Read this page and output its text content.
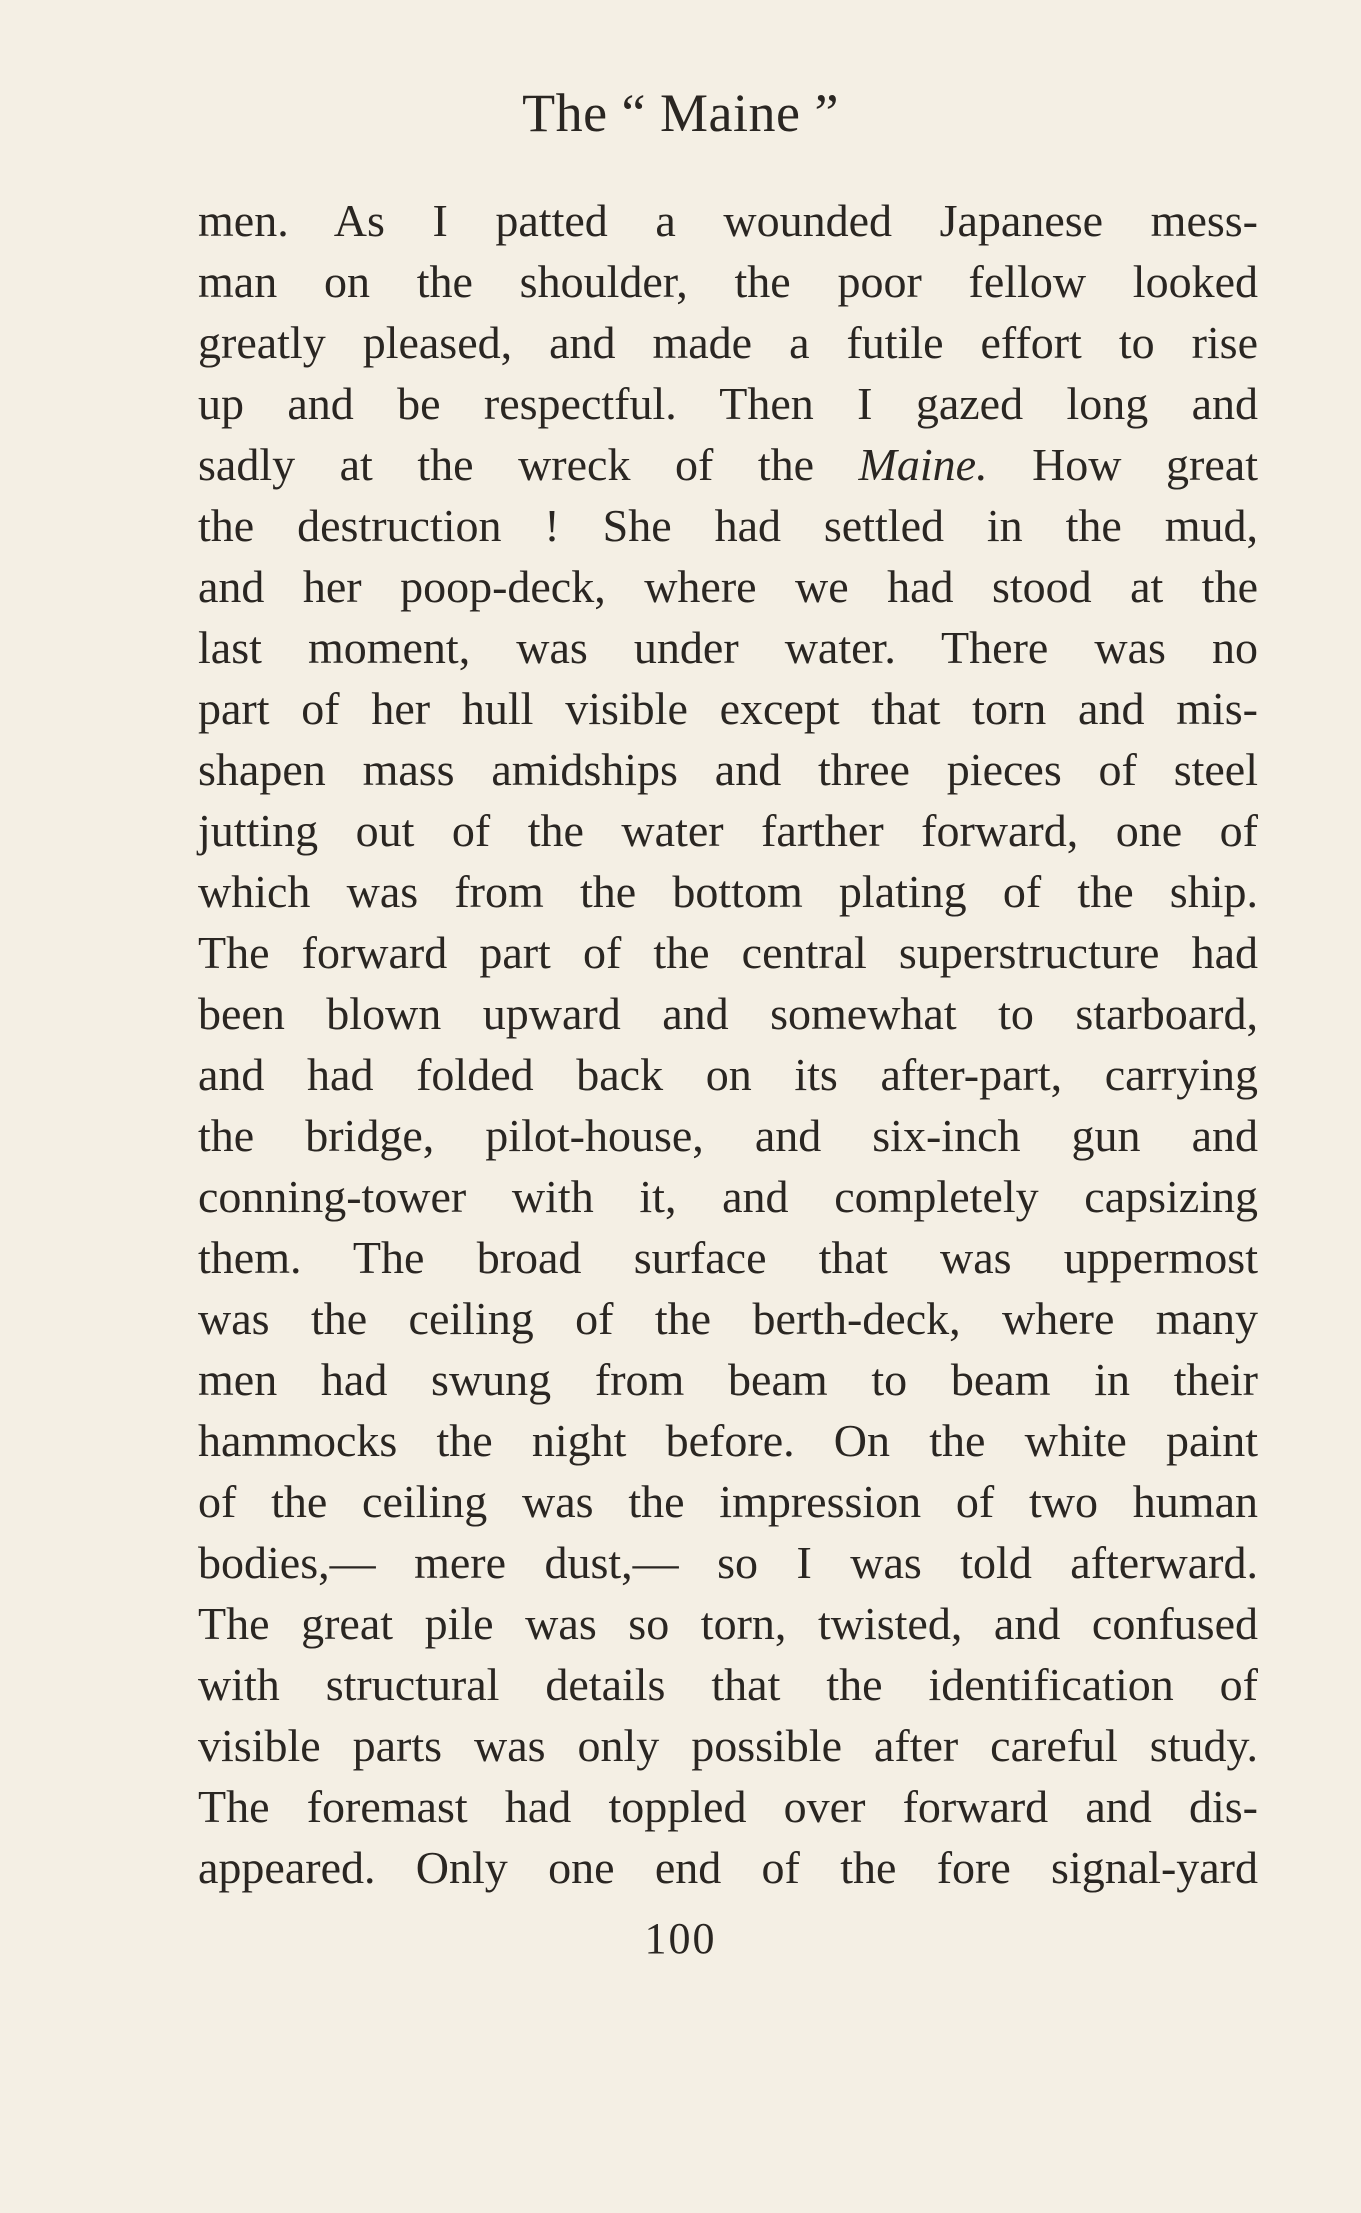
The “ Maine ”
men. As I patted a wounded Japanese mess-
man on the shoulder, the poor fellow looked
greatly pleased, and made a futile effort to rise
up and be respectful. Then I gazed long and
sadly at the wreck of the Maine. How great
the destruction ! She had settled in the mud,
and her poop-deck, where we had stood at the
last moment, was under water. There was no
part of her hull visible except that torn and mis-
shapen mass amidships and three pieces of steel
jutting out of the water farther forward, one of
which was from the bottom plating of the ship.
The forward part of the central superstructure had
been blown upward and somewhat to starboard,
and had folded back on its after-part, carrying
the bridge, pilot-house, and six-inch gun and
conning-tower with it, and completely capsizing
them. The broad surface that was uppermost
was the ceiling of the berth-deck, where many
men had swung from beam to beam in their
hammocks the night before. On the white paint
of the ceiling was the impression of two human
bodies,— mere dust,— so I was told afterward.
The great pile was so torn, twisted, and confused
with structural details that the identification of
visible parts was only possible after careful study.
The foremast had toppled over forward and dis-
appeared. Only one end of the fore signal-yard
100
